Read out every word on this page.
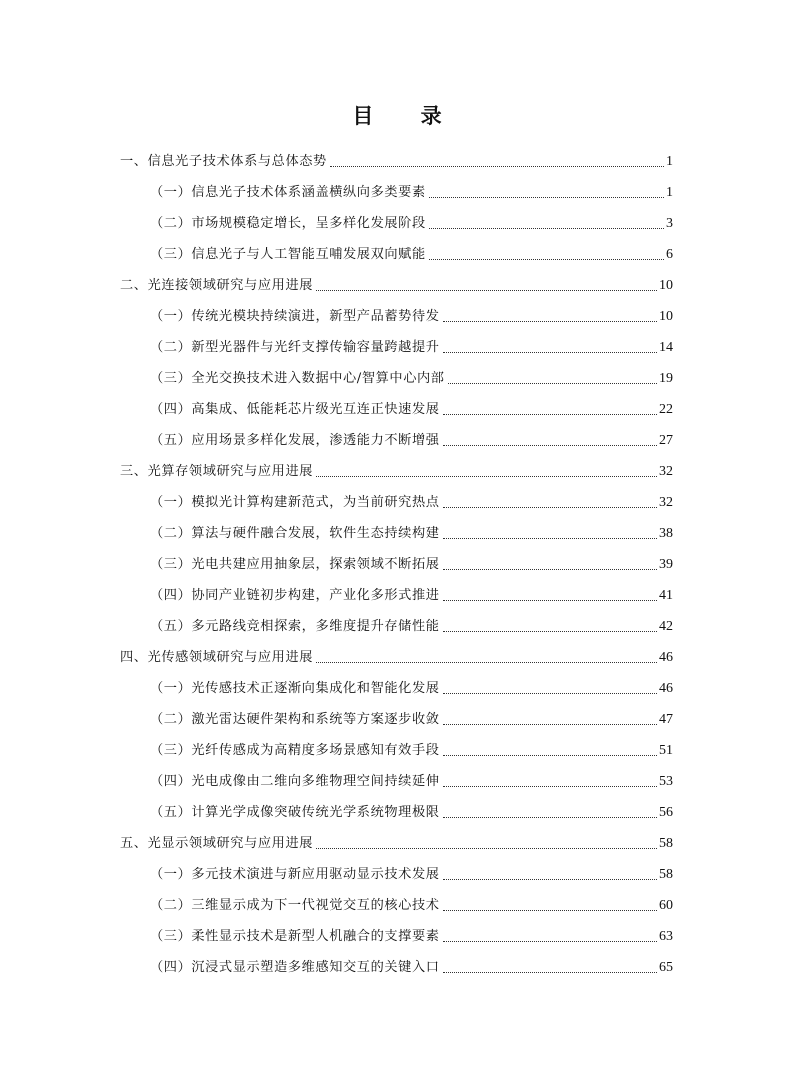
目 录
一、信息光子技术体系与总体态势	1
（一）信息光子技术体系涵盖横纵向多类要素	1
（二）市场规模稳定增长，呈多样化发展阶段	3
（三）信息光子与人工智能互哺发展双向赋能	6
二、光连接领域研究与应用进展	10
（一）传统光模块持续演进，新型产品蓄势待发	10
（二）新型光器件与光纤支撑传输容量跨越提升	14
（三）全光交换技术进入数据中心/智算中心内部	19
（四）高集成、低能耗芯片级光互连正快速发展	22
（五）应用场景多样化发展，渗透能力不断增强	27
三、光算存领域研究与应用进展	32
（一）模拟光计算构建新范式，为当前研究热点	32
（二）算法与硬件融合发展，软件生态持续构建	38
（三）光电共建应用抽象层，探索领域不断拓展	39
（四）协同产业链初步构建，产业化多形式推进	41
（五）多元路线竞相探索，多维度提升存储性能	42
四、光传感领域研究与应用进展	46
（一）光传感技术正逐渐向集成化和智能化发展	46
（二）激光雷达硬件架构和系统等方案逐步收敛	47
（三）光纤传感成为高精度多场景感知有效手段	51
（四）光电成像由二维向多维物理空间持续延伸	53
（五）计算光学成像突破传统光学系统物理极限	56
五、光显示领域研究与应用进展	58
（一）多元技术演进与新应用驱动显示技术发展	58
（二）三维显示成为下一代视觉交互的核心技术	60
（三）柔性显示技术是新型人机融合的支撑要素	63
（四）沉浸式显示塑造多维感知交互的关键入口	65
